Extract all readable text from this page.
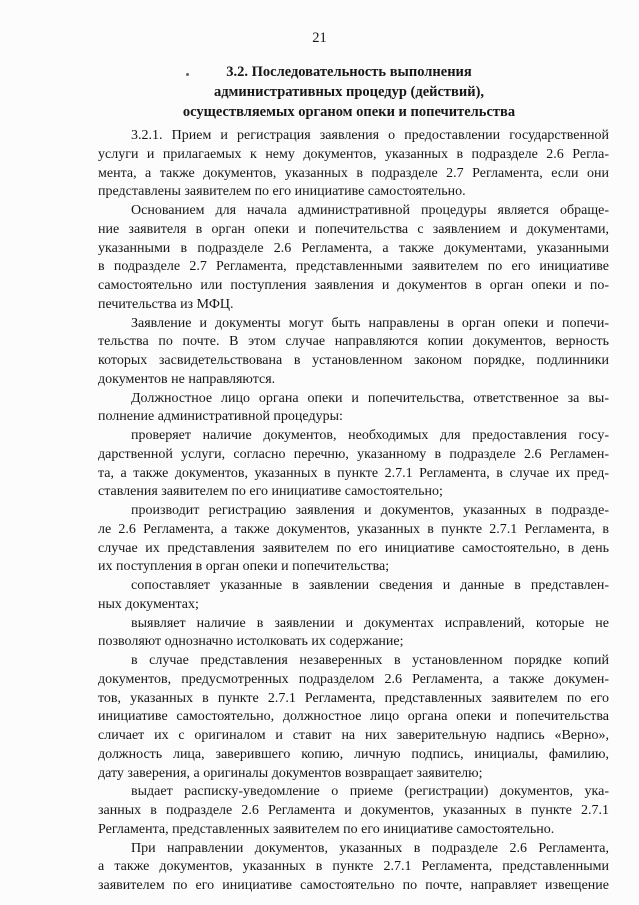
21
3.2. Последовательность выполнения
административных процедур (действий),
осуществляемых органом опеки и попечительства
3.2.1. Прием и регистрация заявления о предоставлении государственной
услуги и прилагаемых к нему документов, указанных в подразделе 2.6 Регла-
мента, а также документов, указанных в подразделе 2.7 Регламента, если они
представлены заявителем по его инициативе самостоятельно.
Основанием для начала административной процедуры является обраще-
ние заявителя в орган опеки и попечительства с заявлением и документами,
указанными в подразделе 2.6 Регламента, а также документами, указанными
в подразделе 2.7 Регламента, представленными заявителем по его инициативе
самостоятельно или поступления заявления и документов в орган опеки и по-
печительства из МФЦ.
Заявление и документы могут быть направлены в орган опеки и попечи-
тельства по почте. В этом случае направляются копии документов, верность
которых засвидетельствована в установленном законом порядке, подлинники
документов не направляются.
Должностное лицо органа опеки и попечительства, ответственное за вы-
полнение административной процедуры:
проверяет наличие документов, необходимых для предоставления госу-
дарственной услуги, согласно перечню, указанному в подразделе 2.6 Регламен-
та, а также документов, указанных в пункте 2.7.1 Регламента, в случае их пред-
ставления заявителем по его инициативе самостоятельно;
производит регистрацию заявления и документов, указанных в подразде-
ле 2.6 Регламента, а также документов, указанных в пункте 2.7.1 Регламента, в
случае их представления заявителем по его инициативе самостоятельно, в день
их поступления в орган опеки и попечительства;
сопоставляет указанные в заявлении сведения и данные в представлен-
ных документах;
выявляет наличие в заявлении и документах исправлений, которые не
позволяют однозначно истолковать их содержание;
в случае представления незаверенных в установленном порядке копий
документов, предусмотренных подразделом 2.6 Регламента, а также докумен-
тов, указанных в пункте 2.7.1 Регламента, представленных заявителем по его
инициативе самостоятельно, должностное лицо органа опеки и попечительства
сличает их с оригиналом и ставит на них заверительную надпись «Верно»,
должность лица, заверившего копию, личную подпись, инициалы, фамилию,
дату заверения, а оригиналы документов возвращает заявителю;
выдает расписку-уведомление о приеме (регистрации) документов, ука-
занных в подразделе 2.6 Регламента и документов, указанных в пункте 2.7.1
Регламента, представленных заявителем по его инициативе самостоятельно.
При направлении документов, указанных в подразделе 2.6 Регламента,
а также документов, указанных в пункте 2.7.1 Регламента, представленными
заявителем по его инициативе самостоятельно по почте, направляет извещение
